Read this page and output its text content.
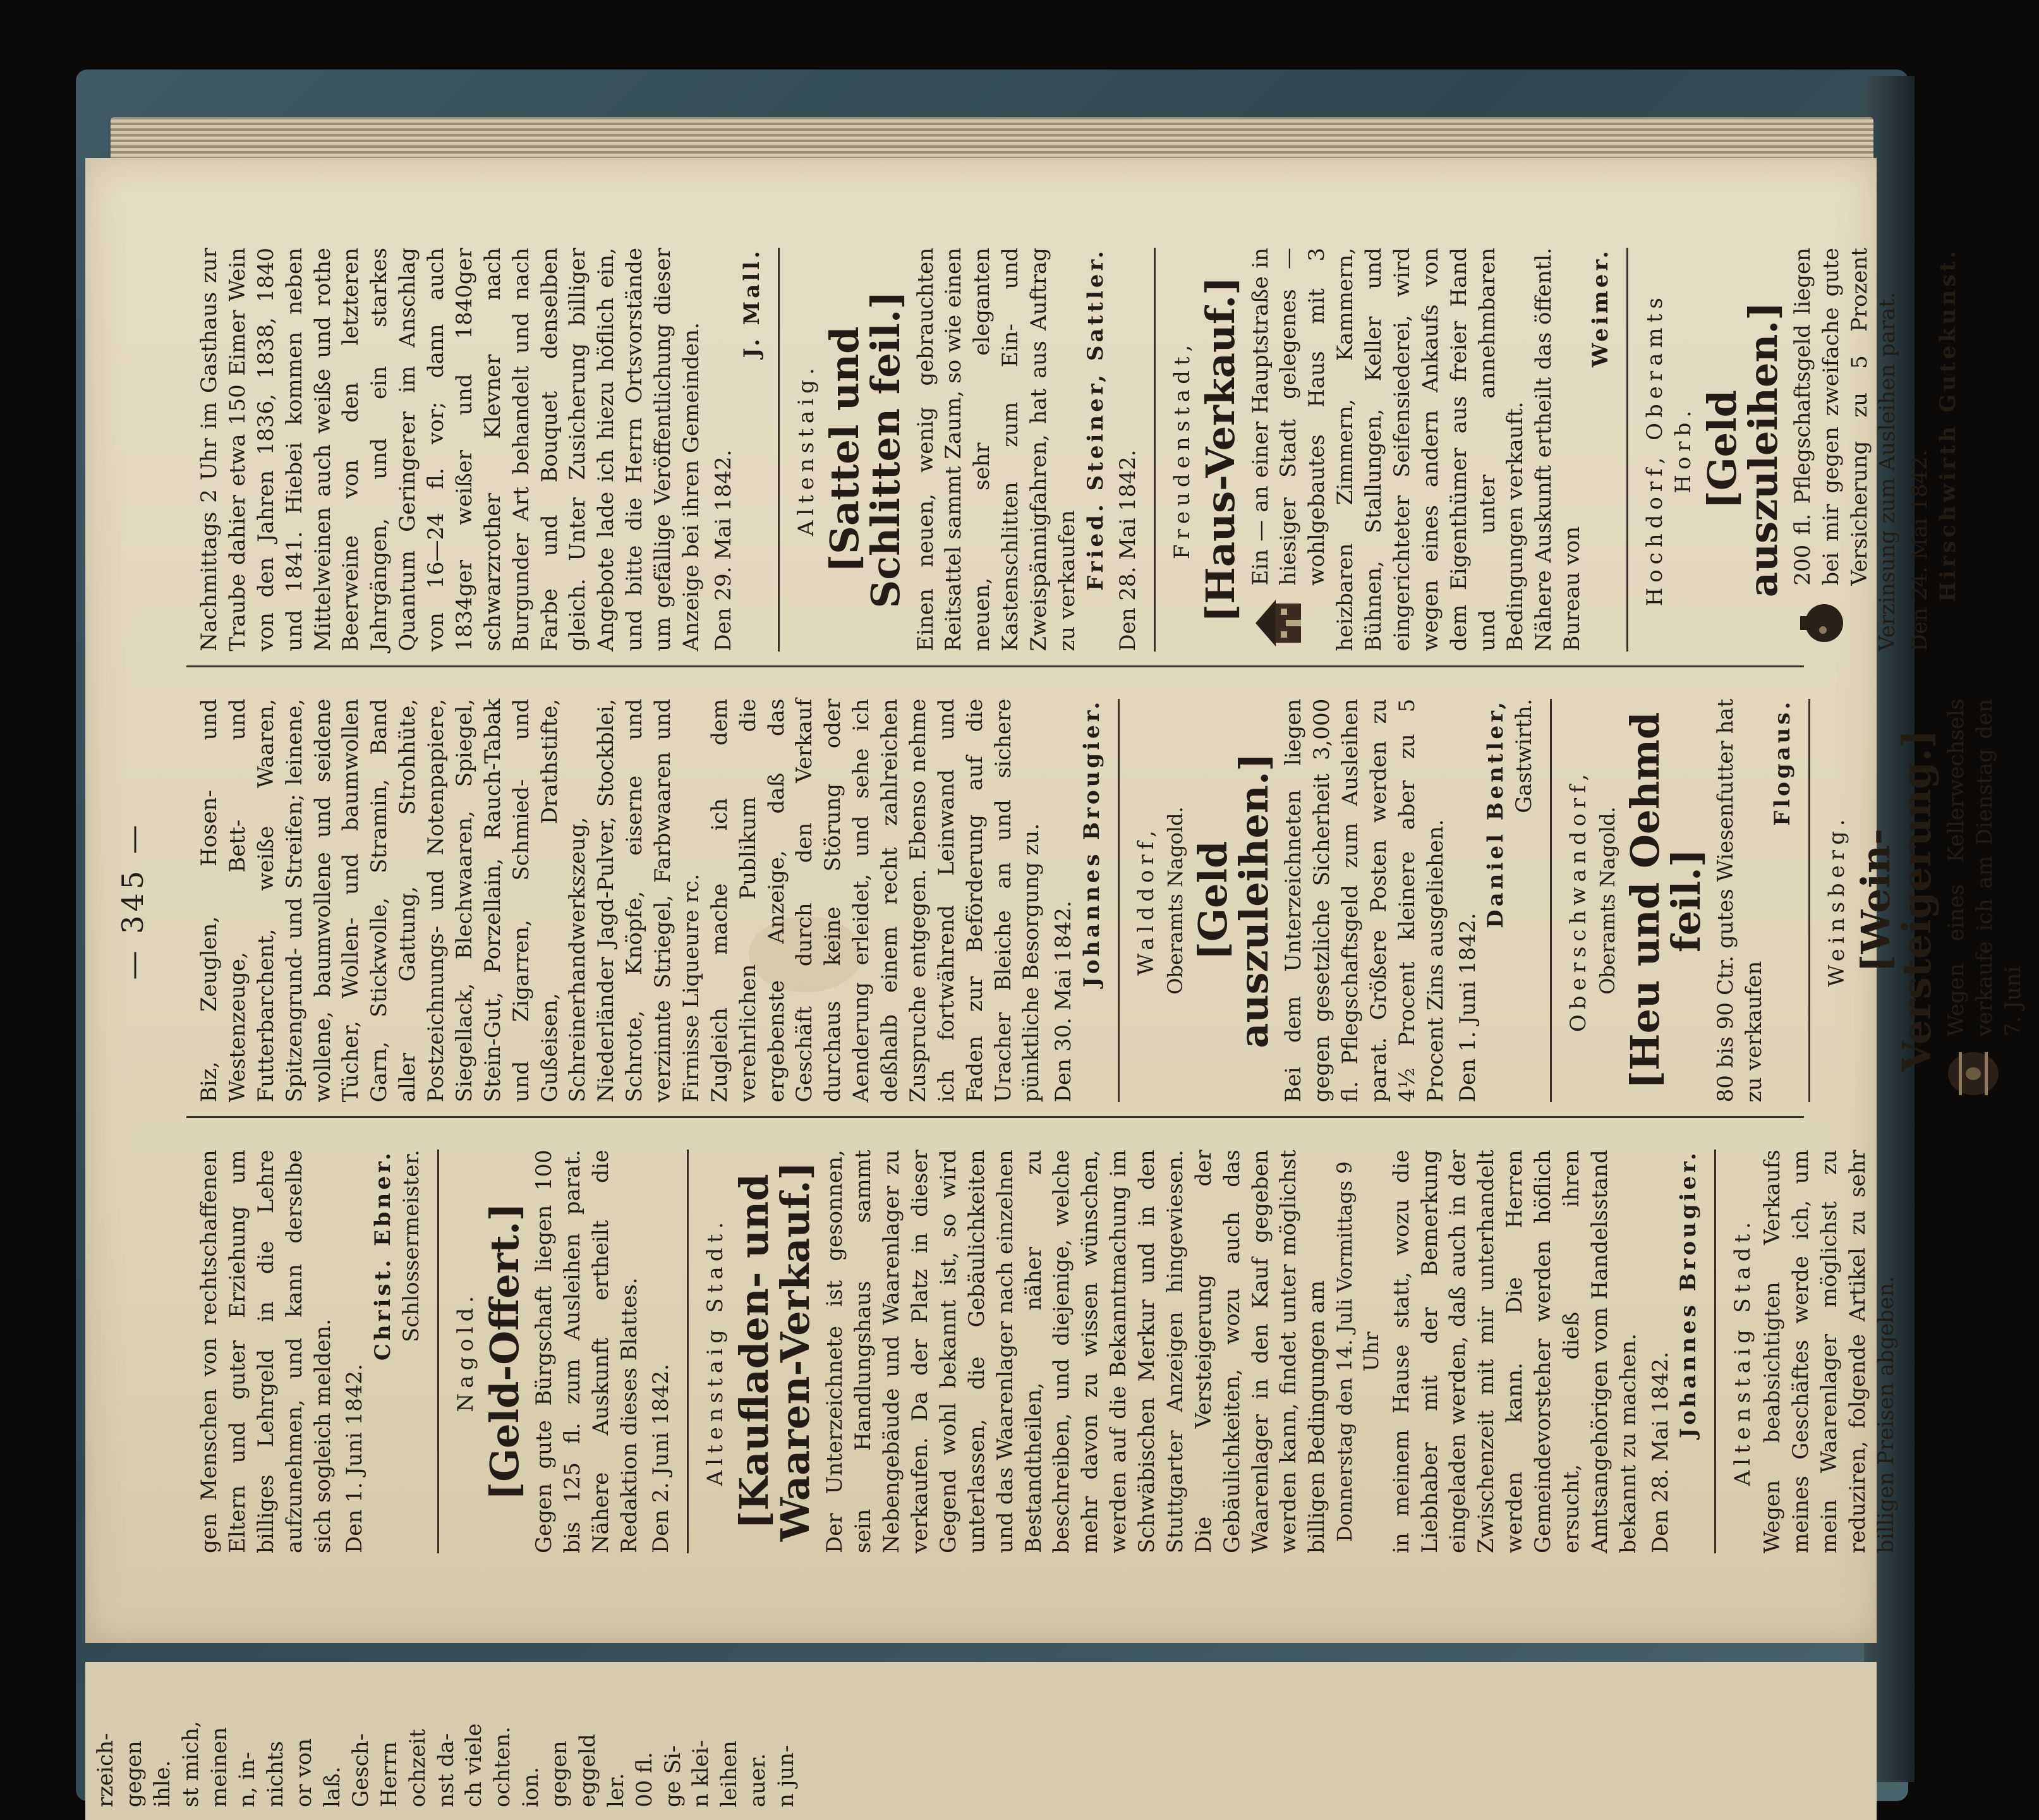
— 345 —
gen Menschen von rechtschaffenen Eltern und guter Erziehung um billiges Lehrgeld in die Lehre aufzunehmen, und kann derselbe sich sogleich melden. Den 1. Juni 1842.
Christ. Ebner. Schlossermeister.
Nagold. [Geld-Offert.] Gegen gute Bürgschaft liegen 100 bis 125 fl. zum Ausleihen parat. Nähere Auskunft ertheilt die Redaktion dieses Blattes. Den 2. Juni 1842. Altenstaig Stadt. [Kaufladen- und Waaren-Verkauf.] Der Unterzeichnete ist gesonnen, sein Handlungshaus sammt Nebengebäude und Waarenlager zu verkaufen. Da der Platz in dieser Gegend wohl bekannt ist, so wird unterlassen, die Gebäulichkeiten und das Waarenlager nach einzelnen Bestandtheilen, näher zu beschreiben, und diejenige, welche mehr davon zu wissen wünschen, werden auf die Bekanntmachung im Schwäbischen Merkur und in den Stuttgarter Anzeigen hingewiesen. Die Versteigerung der Gebäulichkeiten, wozu auch das Waarenlager in den Kauf gegeben werden kann, findet unter möglichst billigen Bedingungen am Donnerstag den 14. Juli Vormittags 9 Uhr in meinem Hause statt, wozu die Liebhaber mit der Bemerkung eingeladen werden, daß auch in der Zwischenzeit mit mir unterhandelt werden kann. Die Herren Gemeindevorsteher werden höflich ersucht, dieß ihren Amtsangehörigen vom Handelsstand bekannt zu machen. Den 28. Mai 1842.
Johannes Brougier. Altenstaig Stadt. Wegen beabsichtigten Verkaufs meines Geschäftes werde ich, um mein Waarenlager möglichst zu reduziren, folgende Artikel zu sehr billigen Preisen abgeben.
Biz, Zeuglen, Hosen- und Westenzeuge, Bett- und Futterbarchent, weiße Waaren, Spitzengrund- und Streifen; leinene, wollene, baumwollene und seidene Tücher, Wollen- und baumwollen Garn, Stickwolle, Stramin, Band aller Gattung, Strohhüte, Postzeichnungs- und Notenpapiere, Siegellack, Blechwaaren, Spiegel, Stein-Gut, Porzellain, Rauch-Tabak und Zigarren, Schmied- und Gußeisen, Drathstifte, Schreinerhandwerkszeug, Niederländer Jagd-Pulver, Stockblei, Schrote, Knöpfe, eiserne und verzinnte Striegel, Farbwaaren und Firnisse Liqueure rc. Zugleich mache ich dem verehrlichen Publikum die ergebenste Anzeige, daß das Geschäft durch den Verkauf durchaus keine Störung oder Aenderung erleidet, und sehe ich deßhalb einem recht zahlreichen Zuspruche entgegen. Ebenso nehme ich fortwährend Leinwand und Faden zur Beförderung auf die Uracher Bleiche an und sichere pünktliche Besorgung zu. Den 30. Mai 1842.
Johannes Brougier. Walddorf, Oberamts Nagold. [Geld auszuleihen.] Bei dem Unterzeichneten liegen gegen gesetzliche Sicherheit 3,000 fl. Pflegschaftsgeld zum Ausleihen parat. Größere Posten werden zu 4½ Procent kleinere aber zu 5 Procent Zins ausgeliehen. Den 1. Juni 1842.
Daniel Bentler, Gastwirth.
Oberschwandorf, Oberamts Nagold. [Heu und Oehmd feil.] 80 bis 90 Ctr. gutes Wiesenfutter hat zu verkaufen
Flogaus.
Weinsberg. [Wein-Versteigerung.] Wegen eines Kellerwechsels verkaufe ich am Dienstag den 7. Juni
Nachmittags 2 Uhr im Gasthaus zur Traube dahier etwa 150 Eimer Wein von den Jahren 1836, 1838, 1840 und 1841. Hiebei kommen neben Mittelweinen auch weiße und rothe Beerweine von den letzteren Jahrgängen, und ein starkes Quantum Geringerer im Anschlag von 16—24 fl. vor; dann auch 1834ger weißer und 1840ger schwarzrother Klevner nach Burgunder Art behandelt und nach Farbe und Bouquet denselben gleich. Unter Zusicherung billiger Angebote lade ich hiezu höflich ein, und bitte die Herrn Ortsvorstände um gefällige Veröffentlichung dieser Anzeige bei ihren Gemeinden. Den 29. Mai 1842.
J. Mall.
Altenstaig. [Sattel und Schlitten feil.] Einen neuen, wenig gebrauchten Reitsattel sammt Zaum, so wie einen neuen, sehr eleganten Kastenschlitten zum Ein- und Zweispännigfahren, hat aus Auftrag zu verkaufen Fried. Steiner, Sattler. Den 28. Mai 1842. Freudenstadt, [Haus-Verkauf.] Ein — an einer Hauptstraße in hiesiger Stadt gelegenes — wohlgebautes Haus mit 3 heizbaren Zimmern, Kammern, Bühnen, Stallungen, Keller und eingerichteter Seifensiederei, wird wegen eines andern Ankaufs von dem Eigenthümer aus freier Hand und unter annehmbaren Bedingungen verkauft. Nähere Auskunft ertheilt das öffentl. Bureau von
Weimer. Hochdorf, Oberamts Horb. [Geld auszuleihen.] 200 fl. Pflegschaftsgeld liegen bei mir gegen zweifache gute Versicherung zu 5 Prozent Verzinsung zum Ausleihen parat. Den 24. Mai 1842. Hirschwirth Gutekunst.
rzeich- gegen ihle. st mich, meinen n, in- nichts or von laß. Gesch- Herrn ochzeit nst da- ch viele ochten. ion. gegen eggeld ler. 00 fl. ge Si- n klei- leihen auer. n jun-
